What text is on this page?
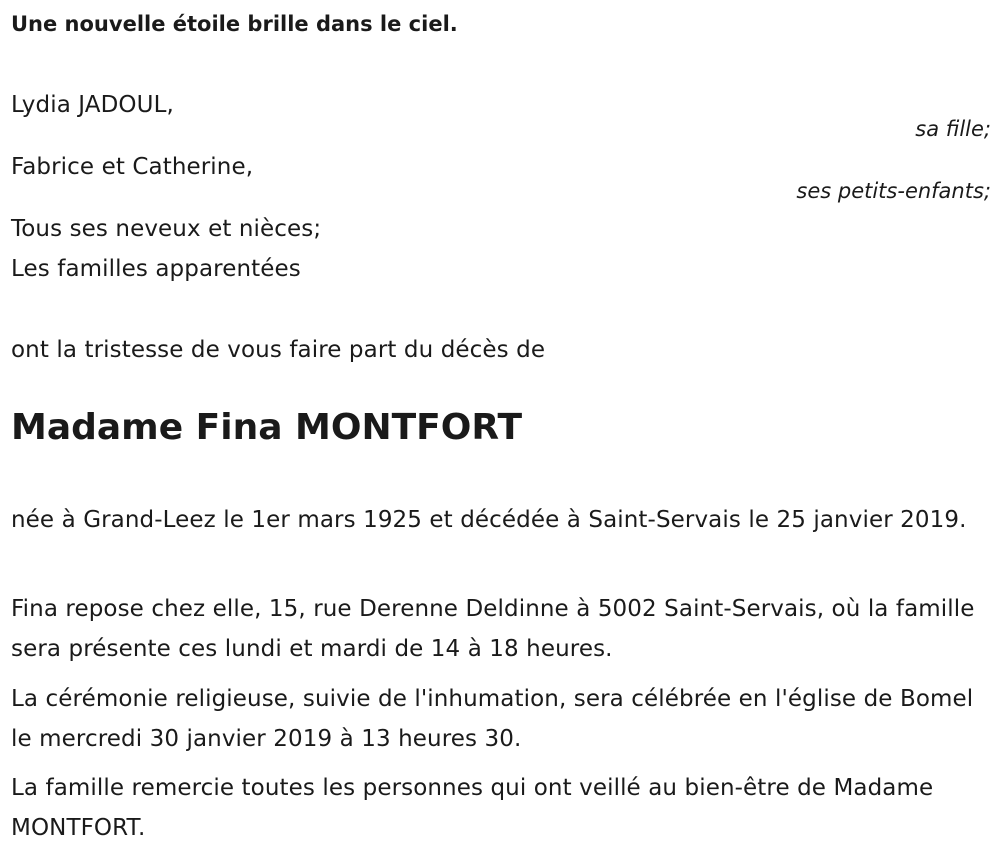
Une nouvelle étoile brille dans le ciel.
Lydia JADOUL,
sa fille;
Fabrice et Catherine,
ses petits-enfants;
Tous ses neveux et nièces;
Les familles apparentées
ont la tristesse de vous faire part du décès de
Madame Fina MONTFORT
née à Grand-Leez le 1er mars 1925 et décédée à Saint-Servais le 25 janvier 2019.
Fina repose chez elle, 15, rue Derenne Deldinne à 5002 Saint-Servais, où la famille sera présente ces lundi et mardi de 14 à 18 heures.
La cérémonie religieuse, suivie de l'inhumation, sera célébrée en l'église de Bomel le mercredi 30 janvier 2019 à 13 heures 30.
La famille remercie toutes les personnes qui ont veillé au bien-être de Madame MONTFORT.
